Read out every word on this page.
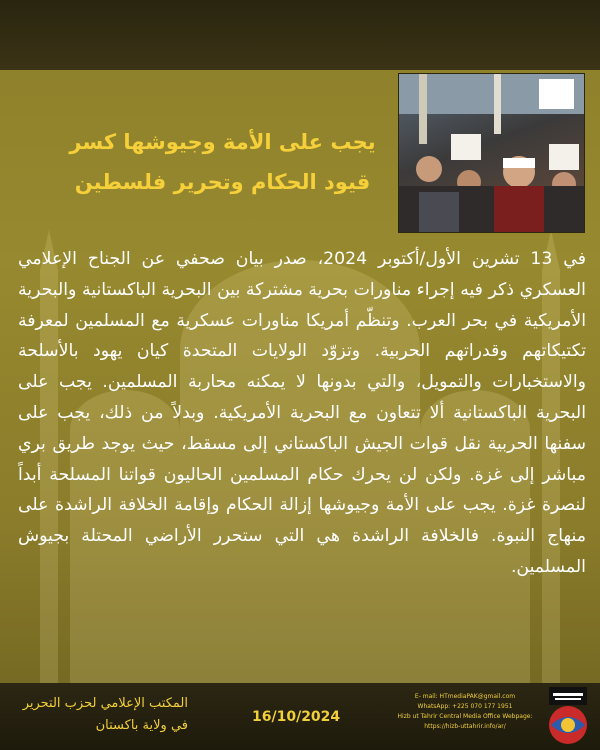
يجب على الأمة وجيوشها كسر
قيود الحكام وتحرير فلسطين
في 13 تشرين الأول/أكتوبر 2024، صدر بيان صحفي عن الجناح الإعلامي العسكري ذكر فيه إجراء مناورات بحرية مشتركة بين البحرية الباكستانية والبحرية الأمريكية في بحر العرب. وتنظّم أمريكا مناورات عسكرية مع المسلمين لمعرفة تكتيكاتهم وقدراتهم الحربية. وتزوّد الولايات المتحدة كيان يهود بالأسلحة والاستخبارات والتمويل، والتي بدونها لا يمكنه محاربة المسلمين. يجب على البحرية الباكستانية ألا تتعاون مع البحرية الأمريكية. وبدلاً من ذلك، يجب على سفنها الحربية نقل قوات الجيش الباكستاني إلى مسقط، حيث يوجد طريق بري مباشر إلى غزة. ولكن لن يحرك حكام المسلمين الحاليون قواتنا المسلحة أبداً لنصرة غزة. يجب على الأمة وجيوشها إزالة الحكام وإقامة الخلافة الراشدة على منهاج النبوة. فالخلافة الراشدة هي التي ستحرر الأراضي المحتلة بجيوش المسلمين.
المكتب الإعلامي لحزب التحرير
في ولاية باكستان
16/10/2024
E- mail: HTmediaPAK@gmail.com
WhatsApp: +225 070 177 1951
Hizb ut Tahrir Central Media Office Webpage:
https://hizb-uttahrir.info/ar/
